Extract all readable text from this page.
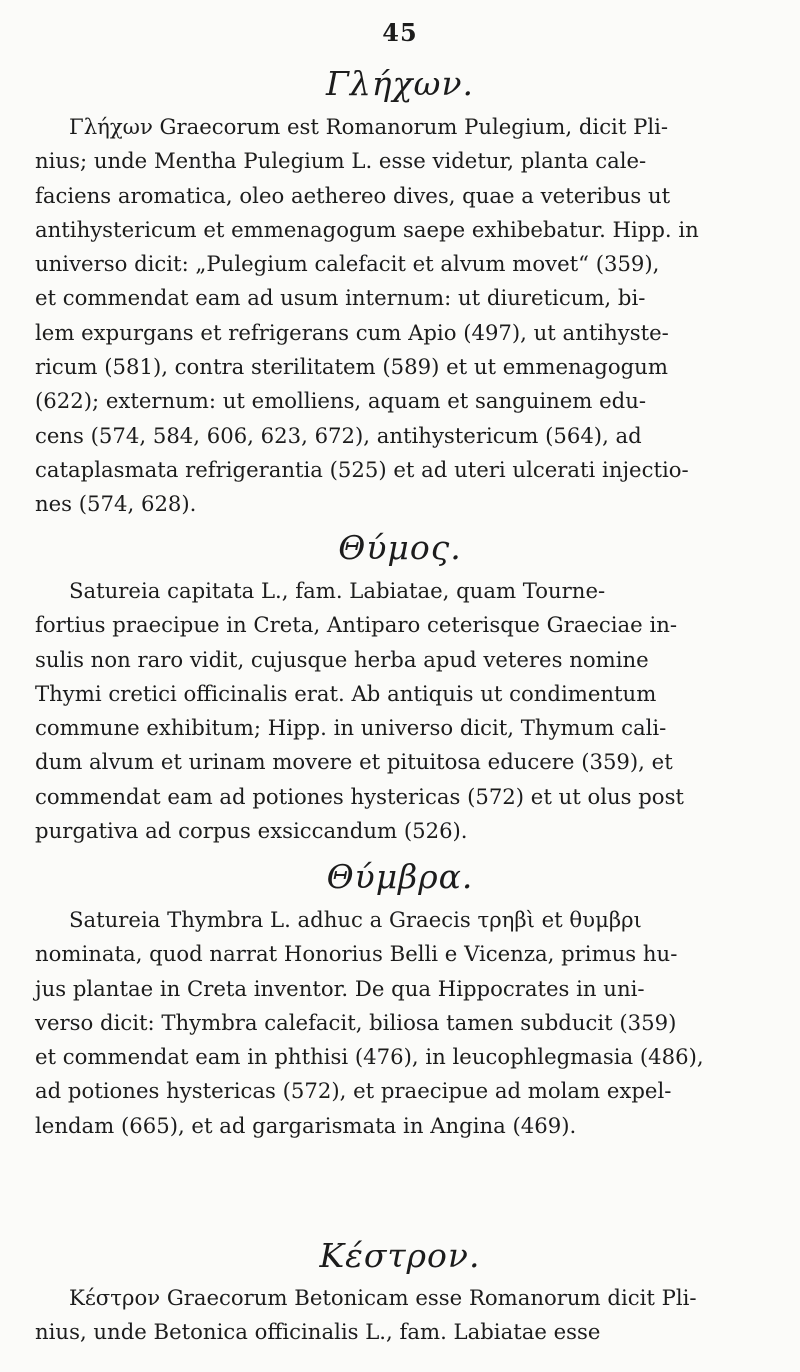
45
Γλήχων.
Γλήχων Graecorum est Romanorum Pulegium, dicit Pli-
nius; unde Mentha Pulegium L. esse videtur, planta cale-
faciens aromatica, oleo aethereo dives, quae a veteribus ut
antihystericum et emmenagogum saepe exhibebatur. Hipp. in
universo dicit: „Pulegium calefacit et alvum movet“ (359),
et commendat eam ad usum internum: ut diureticum, bi-
lem expurgans et refrigerans cum Apio (497), ut antihyste-
ricum (581), contra sterilitatem (589) et ut emmenagogum
(622); externum: ut emolliens, aquam et sanguinem edu-
cens (574, 584, 606, 623, 672), antihystericum (564), ad
cataplasmata refrigerantia (525) et ad uteri ulcerati injectio-
nes (574, 628).
Θύμος.
Satureia capitata L., fam. Labiatae, quam Tourne-
fortius praecipue in Creta, Antiparo ceterisque Graeciae in-
sulis non raro vidit, cujusque herba apud veteres nomine
Thymi cretici officinalis erat. Ab antiquis ut condimentum
commune exhibitum; Hipp. in universo dicit, Thymum cali-
dum alvum et urinam movere et pituitosa educere (359), et
commendat eam ad potiones hystericas (572) et ut olus post
purgativa ad corpus exsiccandum (526).
Θύμβρα.
Satureia Thymbra L. adhuc a Graecis τρηβὶ et θυμβρι
nominata, quod narrat Honorius Belli e Vicenza, primus hu-
jus plantae in Creta inventor. De qua Hippocrates in uni-
verso dicit: Thymbra calefacit, biliosa tamen subducit (359)
et commendat eam in phthisi (476), in leucophlegmasia (486),
ad potiones hystericas (572), et praecipue ad molam expel-
lendam (665), et ad gargarismata in Angina (469).
Κέστρον.
Κέστρον Graecorum Betonicam esse Romanorum dicit Pli-
nius, unde Betonica officinalis L., fam. Labiatae esse
